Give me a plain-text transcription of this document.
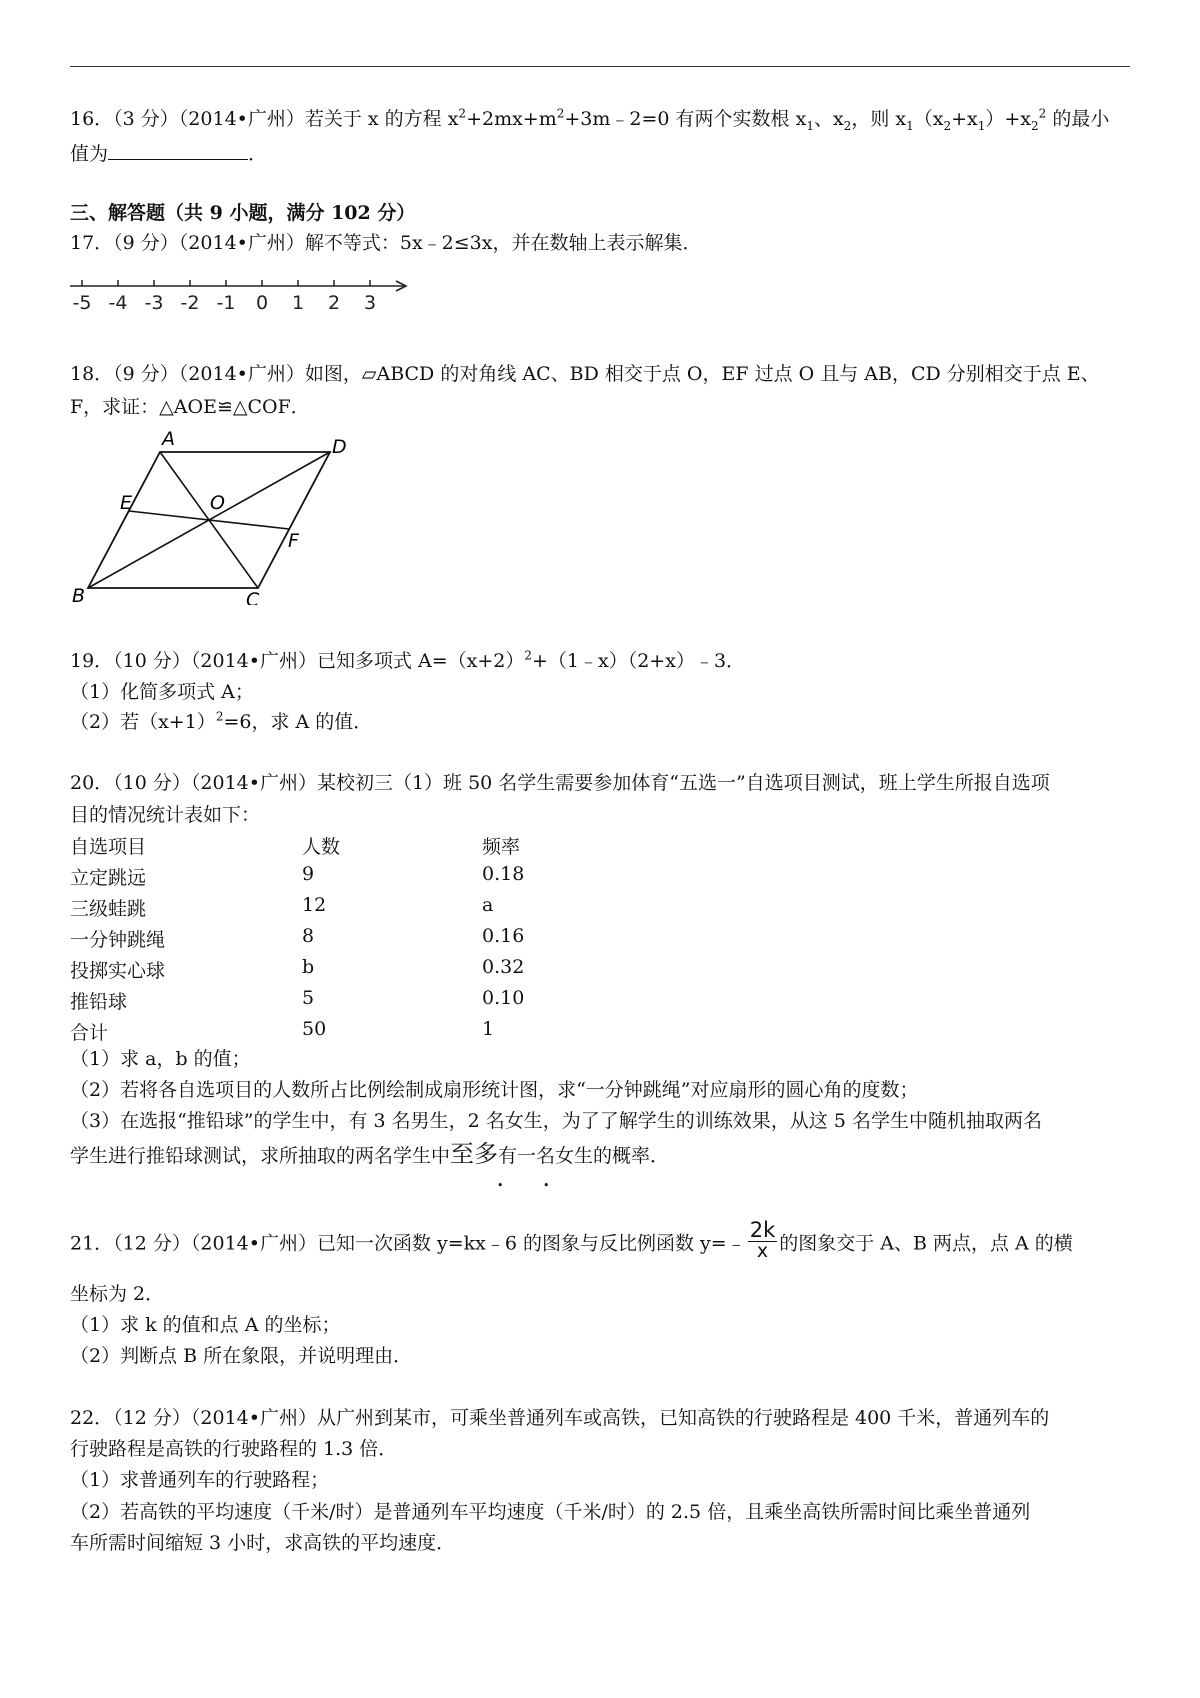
16．（3 分）（2014•广州）若关于 x 的方程 $x^2+2mx+m^2+3m﹣2=0$ 有两个实数根 $x_1$、$x_2$，则 $x_1(x_2+x_1)+x_2^2$ 的最小
值为	．
三、解答题（共 9 小题，满分 102 分）
17．（9 分）（2014•广州）解不等式：5x﹣2≤3x，并在数轴上表示解集．
-5 -4 -3 -2 -1 0 1 2 3
18．（9 分）（2014•广州）如图，▱ABCD 的对角线 AC、BD 相交于点 O，EF 过点 O 且与 AB，CD 分别相交于点 E、
F，求证：△AOE≌△COF．
A	D
E	O
F
B	C
19．（10 分）（2014•广州）已知多项式 $A=(x+2)^2+(1﹣x)(2+x)﹣3$．
（1）化简多项式 A；
（2）若$(x+1)^2=6$，求 A 的值．
20．（10 分）（2014•广州）某校初三（1）班 50 名学生需要参加体育“五选一”自选项目测试，班上学生所报自选项
目的情况统计表如下：
自选项目	人数	频率
立定跳远	9	0.18
三级蛙跳	12	a
一分钟跳绳	8	0.16
投掷实心球	b	0.32
推铅球	5	0.10
合计	50	1
（1）求 a，b 的值；
（2）若将各自选项目的人数所占比例绘制成扇形统计图，求“一分钟跳绳”对应扇形的圆心角的度数；
（3）在选报“推铅球”的学生中，有 3 名男生，2 名女生，为了了解学生的训练效果，从这 5 名学生中随机抽取两名
学生进行推铅球测试，求所抽取的两名学生中至多有一名女生的概率．
• •
21．（12 分）（2014•广州）已知一次函数 y=kx﹣6 的图象与反比例函数 y=﹣ $\frac{2k}{x}$ 的图象交于 A、B 两点，点 A 的横
坐标为 2．
（1）求 k 的值和点 A 的坐标；
（2）判断点 B 所在象限，并说明理由．
22．（12 分）（2014•广州）从广州到某市，可乘坐普通列车或高铁，已知高铁的行驶路程是 400 千米，普通列车的
行驶路程是高铁的行驶路程的 1.3 倍．
（1）求普通列车的行驶路程；
（2）若高铁的平均速度（千米/时）是普通列车平均速度（千米/时）的 2.5 倍，且乘坐高铁所需时间比乘坐普通列
车所需时间缩短 3 小时，求高铁的平均速度．
